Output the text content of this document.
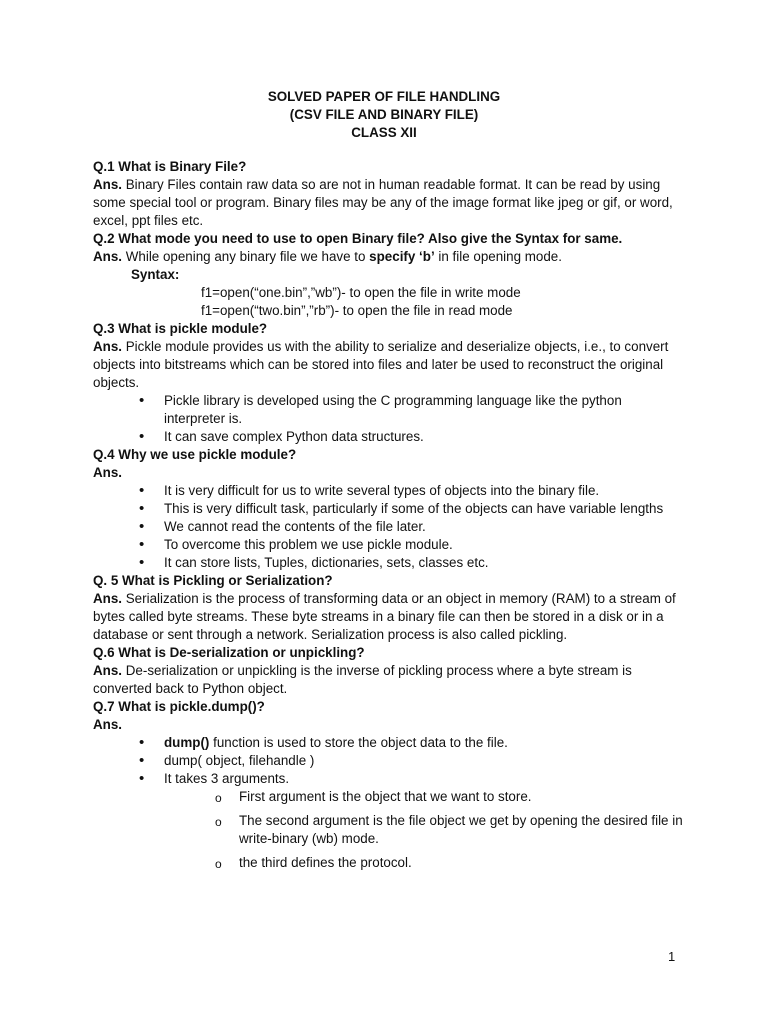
SOLVED PAPER OF FILE HANDLING
(CSV FILE AND BINARY FILE)
CLASS XII

Q.1 What is Binary File?

Ans. Binary Files contain raw data so are not in human readable format. It can be read by using some special tool or program. Binary files may be any of the image format like jpeg or gif, or word, excel, ppt files etc.

Q.2 What mode you need to use to open Binary file? Also give the Syntax for same.

Ans. While opening any binary file we have to specify ‘b’ in file opening mode.

Syntax:

f1=open(“one.bin”,”wb”)- to open the file in write mode

f1=open(“two.bin”,”rb”)- to open the file in read mode

Q.3 What is pickle module?

Ans. Pickle module provides us with the ability to serialize and deserialize objects, i.e., to convert objects into bitstreams which can be stored into files and later be used to reconstruct the original objects.

• Pickle library is developed using the C programming language like the python interpreter is.
• It can save complex Python data structures.

Q.4 Why we use pickle module?

Ans.

• It is very difficult for us to write several types of objects into the binary file.
• This is very difficult task, particularly if some of the objects can have variable lengths
• We cannot read the contents of the file later.
• To overcome this problem we use pickle module.
• It can store lists, Tuples, dictionaries, sets, classes etc.

Q. 5 What is Pickling or Serialization?

Ans. Serialization is the process of transforming data or an object in memory (RAM) to a stream of bytes called byte streams. These byte streams in a binary file can then be stored in a disk or in a database or sent through a network. Serialization process is also called pickling.

Q.6 What is De-serialization or unpickling?

Ans. De-serialization or unpickling is the inverse of pickling process where a byte stream is converted back to Python object.

Q.7 What is pickle.dump()?

Ans.

• dump() function is used to store the object data to the file.
• dump( object, filehandle )
• It takes 3 arguments.
o First argument is the object that we want to store.
o The second argument is the file object we get by opening the desired file in write-binary (wb) mode.
o the third defines the protocol.
1
